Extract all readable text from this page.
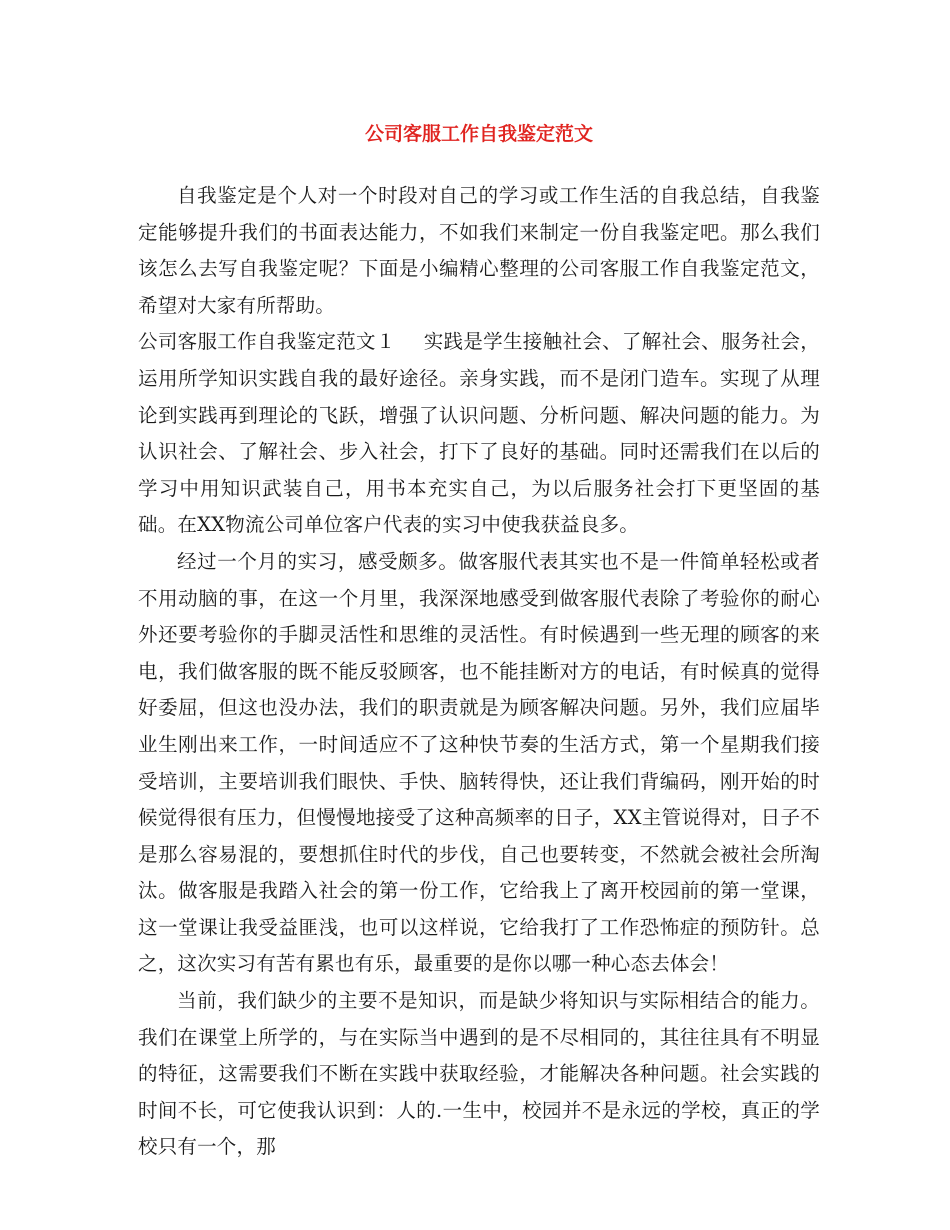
公司客服工作自我鉴定范文

自我鉴定是个人对一个时段对自己的学习或工作生活的自我总结，自我鉴定能够提升我们的书面表达能力，不如我们来制定一份自我鉴定吧。那么我们该怎么去写自我鉴定呢？下面是小编精心整理的公司客服工作自我鉴定范文，希望对大家有所帮助。

公司客服工作自我鉴定范文１ 实践是学生接触社会、了解社会、服务社会，运用所学知识实践自我的最好途径。亲身实践，而不是闭门造车。实现了从理论到实践再到理论的飞跃，增强了认识问题、分析问题、解决问题的能力。为认识社会、了解社会、步入社会，打下了良好的基础。同时还需我们在以后的学习中用知识武装自己，用书本充实自己，为以后服务社会打下更坚固的基础。在XX物流公司单位客户代表的实习中使我获益良多。

经过一个月的实习，感受颇多。做客服代表其实也不是一件简单轻松或者不用动脑的事，在这一个月里，我深深地感受到做客服代表除了考验你的耐心外还要考验你的手脚灵活性和思维的灵活性。有时候遇到一些无理的顾客的来电，我们做客服的既不能反驳顾客，也不能挂断对方的电话，有时候真的觉得好委屈，但这也没办法，我们的职责就是为顾客解决问题。另外，我们应届毕业生刚出来工作，一时间适应不了这种快节奏的生活方式，第一个星期我们接受培训，主要培训我们眼快、手快、脑转得快，还让我们背编码，刚开始的时候觉得很有压力，但慢慢地接受了这种高频率的日子，XX主管说得对，日子不是那么容易混的，要想抓住时代的步伐，自己也要转变，不然就会被社会所淘汰。做客服是我踏入社会的第一份工作，它给我上了离开校园前的第一堂课，这一堂课让我受益匪浅，也可以这样说，它给我打了工作恐怖症的预防针。总之，这次实习有苦有累也有乐，最重要的是你以哪一种心态去体会！

当前，我们缺少的主要不是知识，而是缺少将知识与实际相结合的能力。我们在课堂上所学的，与在实际当中遇到的是不尽相同的，其往往具有不明显的特征，这需要我们不断在实践中获取经验，才能解决各种问题。社会实践的时间不长，可它使我认识到：人的.一生中，校园并不是永远的学校，真正的学校只有一个，那
